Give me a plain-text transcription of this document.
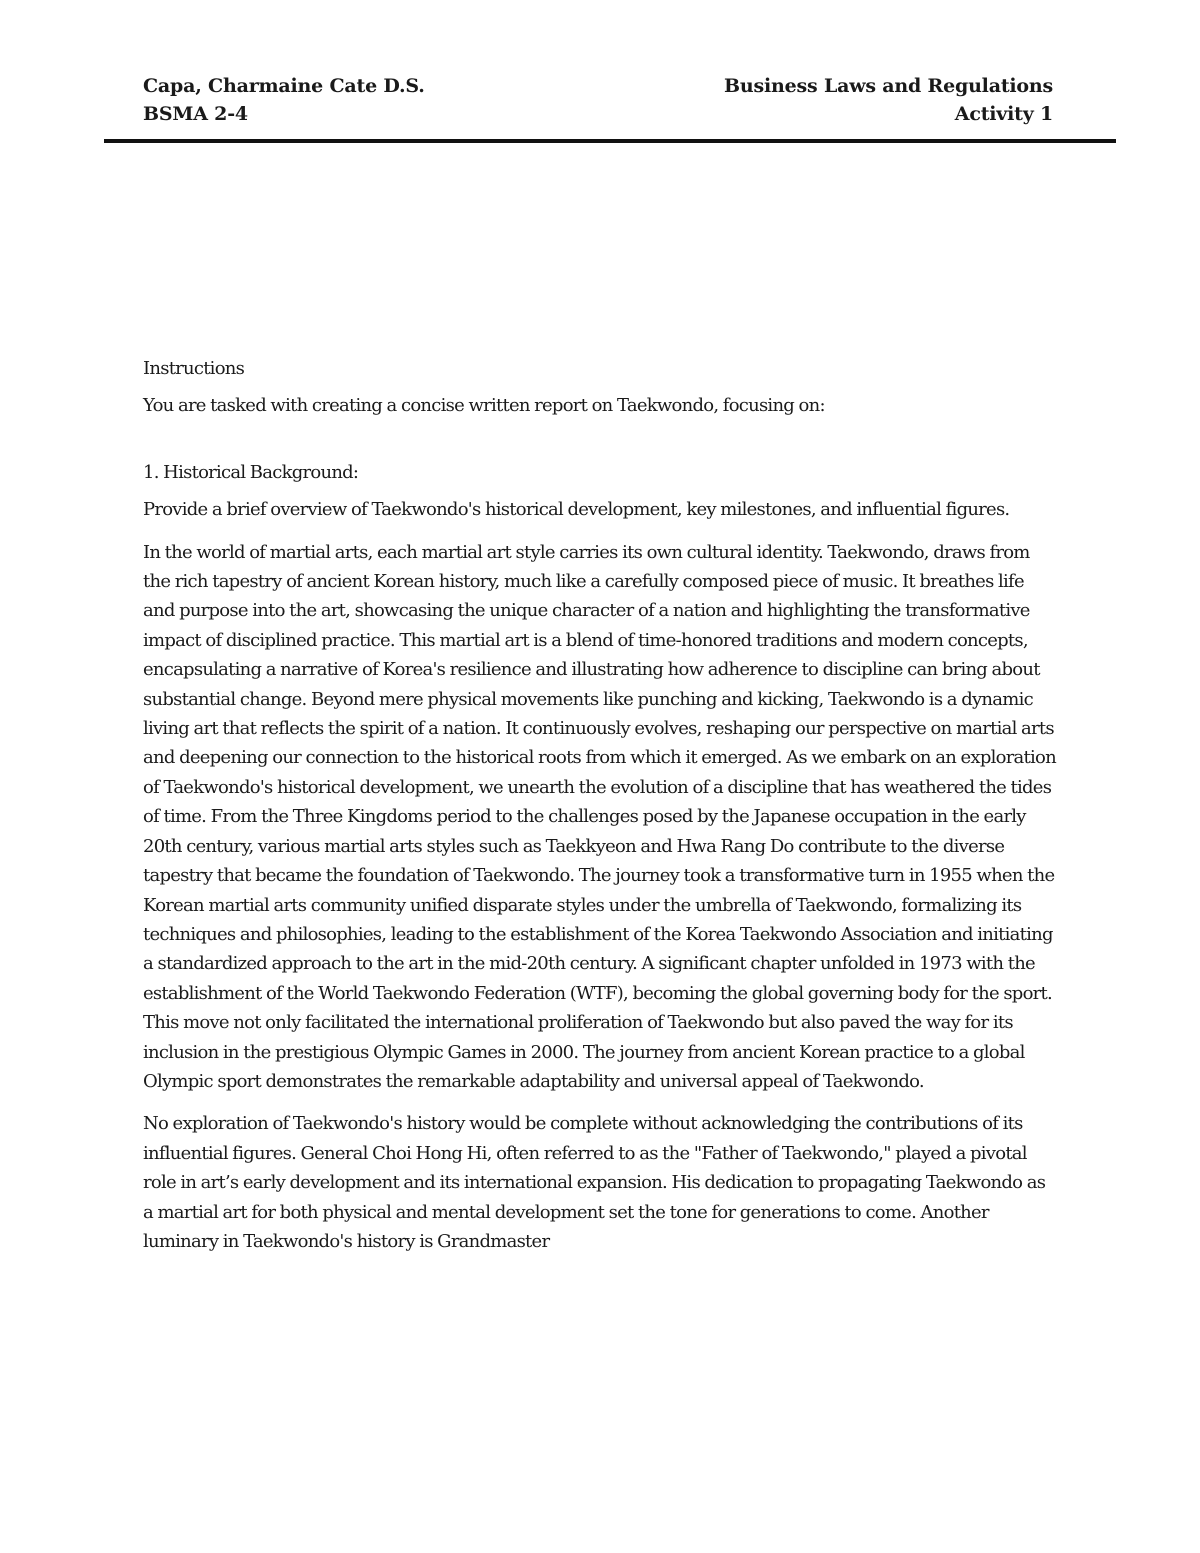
Capa, Charmaine Cate D.S.	Business Laws and Regulations
BSMA 2-4	Activity 1

Instructions

You are tasked with creating a concise written report on Taekwondo, focusing on:

1. Historical Background:

Provide a brief overview of Taekwondo's historical development, key milestones, and influential figures.

In the world of martial arts, each martial art style carries its own cultural identity. Taekwondo, draws from the rich tapestry of ancient Korean history, much like a carefully composed piece of music. It breathes life and purpose into the art, showcasing the unique character of a nation and highlighting the transformative impact of disciplined practice. This martial art is a blend of time-honored traditions and modern concepts, encapsulating a narrative of Korea's resilience and illustrating how adherence to discipline can bring about substantial change. Beyond mere physical movements like punching and kicking, Taekwondo is a dynamic living art that reflects the spirit of a nation. It continuously evolves, reshaping our perspective on martial arts and deepening our connection to the historical roots from which it emerged. As we embark on an exploration of Taekwondo's historical development, we unearth the evolution of a discipline that has weathered the tides of time. From the Three Kingdoms period to the challenges posed by the Japanese occupation in the early 20th century, various martial arts styles such as Taekkyeon and Hwa Rang Do contribute to the diverse tapestry that became the foundation of Taekwondo. The journey took a transformative turn in 1955 when the Korean martial arts community unified disparate styles under the umbrella of Taekwondo, formalizing its techniques and philosophies, leading to the establishment of the Korea Taekwondo Association and initiating a standardized approach to the art in the mid-20th century. A significant chapter unfolded in 1973 with the establishment of the World Taekwondo Federation (WTF), becoming the global governing body for the sport. This move not only facilitated the international proliferation of Taekwondo but also paved the way for its inclusion in the prestigious Olympic Games in 2000. The journey from ancient Korean practice to a global Olympic sport demonstrates the remarkable adaptability and universal appeal of Taekwondo.

No exploration of Taekwondo's history would be complete without acknowledging the contributions of its influential figures. General Choi Hong Hi, often referred to as the "Father of Taekwondo," played a pivotal role in art’s early development and its international expansion. His dedication to propagating Taekwondo as a martial art for both physical and mental development set the tone for generations to come. Another luminary in Taekwondo's history is Grandmaster
